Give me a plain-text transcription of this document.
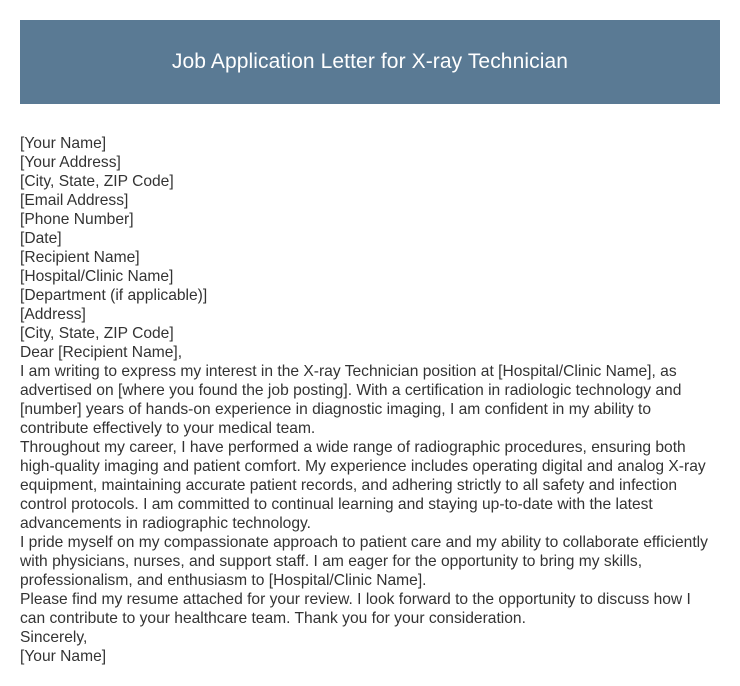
Job Application Letter for X-ray Technician
[Your Name]
[Your Address]
[City, State, ZIP Code]
[Email Address]
[Phone Number]
[Date]
[Recipient Name]
[Hospital/Clinic Name]
[Department (if applicable)]
[Address]
[City, State, ZIP Code]
Dear [Recipient Name],

I am writing to express my interest in the X-ray Technician position at [Hospital/Clinic Name], as advertised on [where you found the job posting]. With a certification in radiologic technology and [number] years of hands-on experience in diagnostic imaging, I am confident in my ability to contribute effectively to your medical team.

Throughout my career, I have performed a wide range of radiographic procedures, ensuring both high-quality imaging and patient comfort. My experience includes operating digital and analog X-ray equipment, maintaining accurate patient records, and adhering strictly to all safety and infection control protocols. I am committed to continual learning and staying up-to-date with the latest advancements in radiographic technology.

I pride myself on my compassionate approach to patient care and my ability to collaborate efficiently with physicians, nurses, and support staff. I am eager for the opportunity to bring my skills, professionalism, and enthusiasm to [Hospital/Clinic Name].

Please find my resume attached for your review. I look forward to the opportunity to discuss how I can contribute to your healthcare team. Thank you for your consideration.

Sincerely,
[Your Name]
